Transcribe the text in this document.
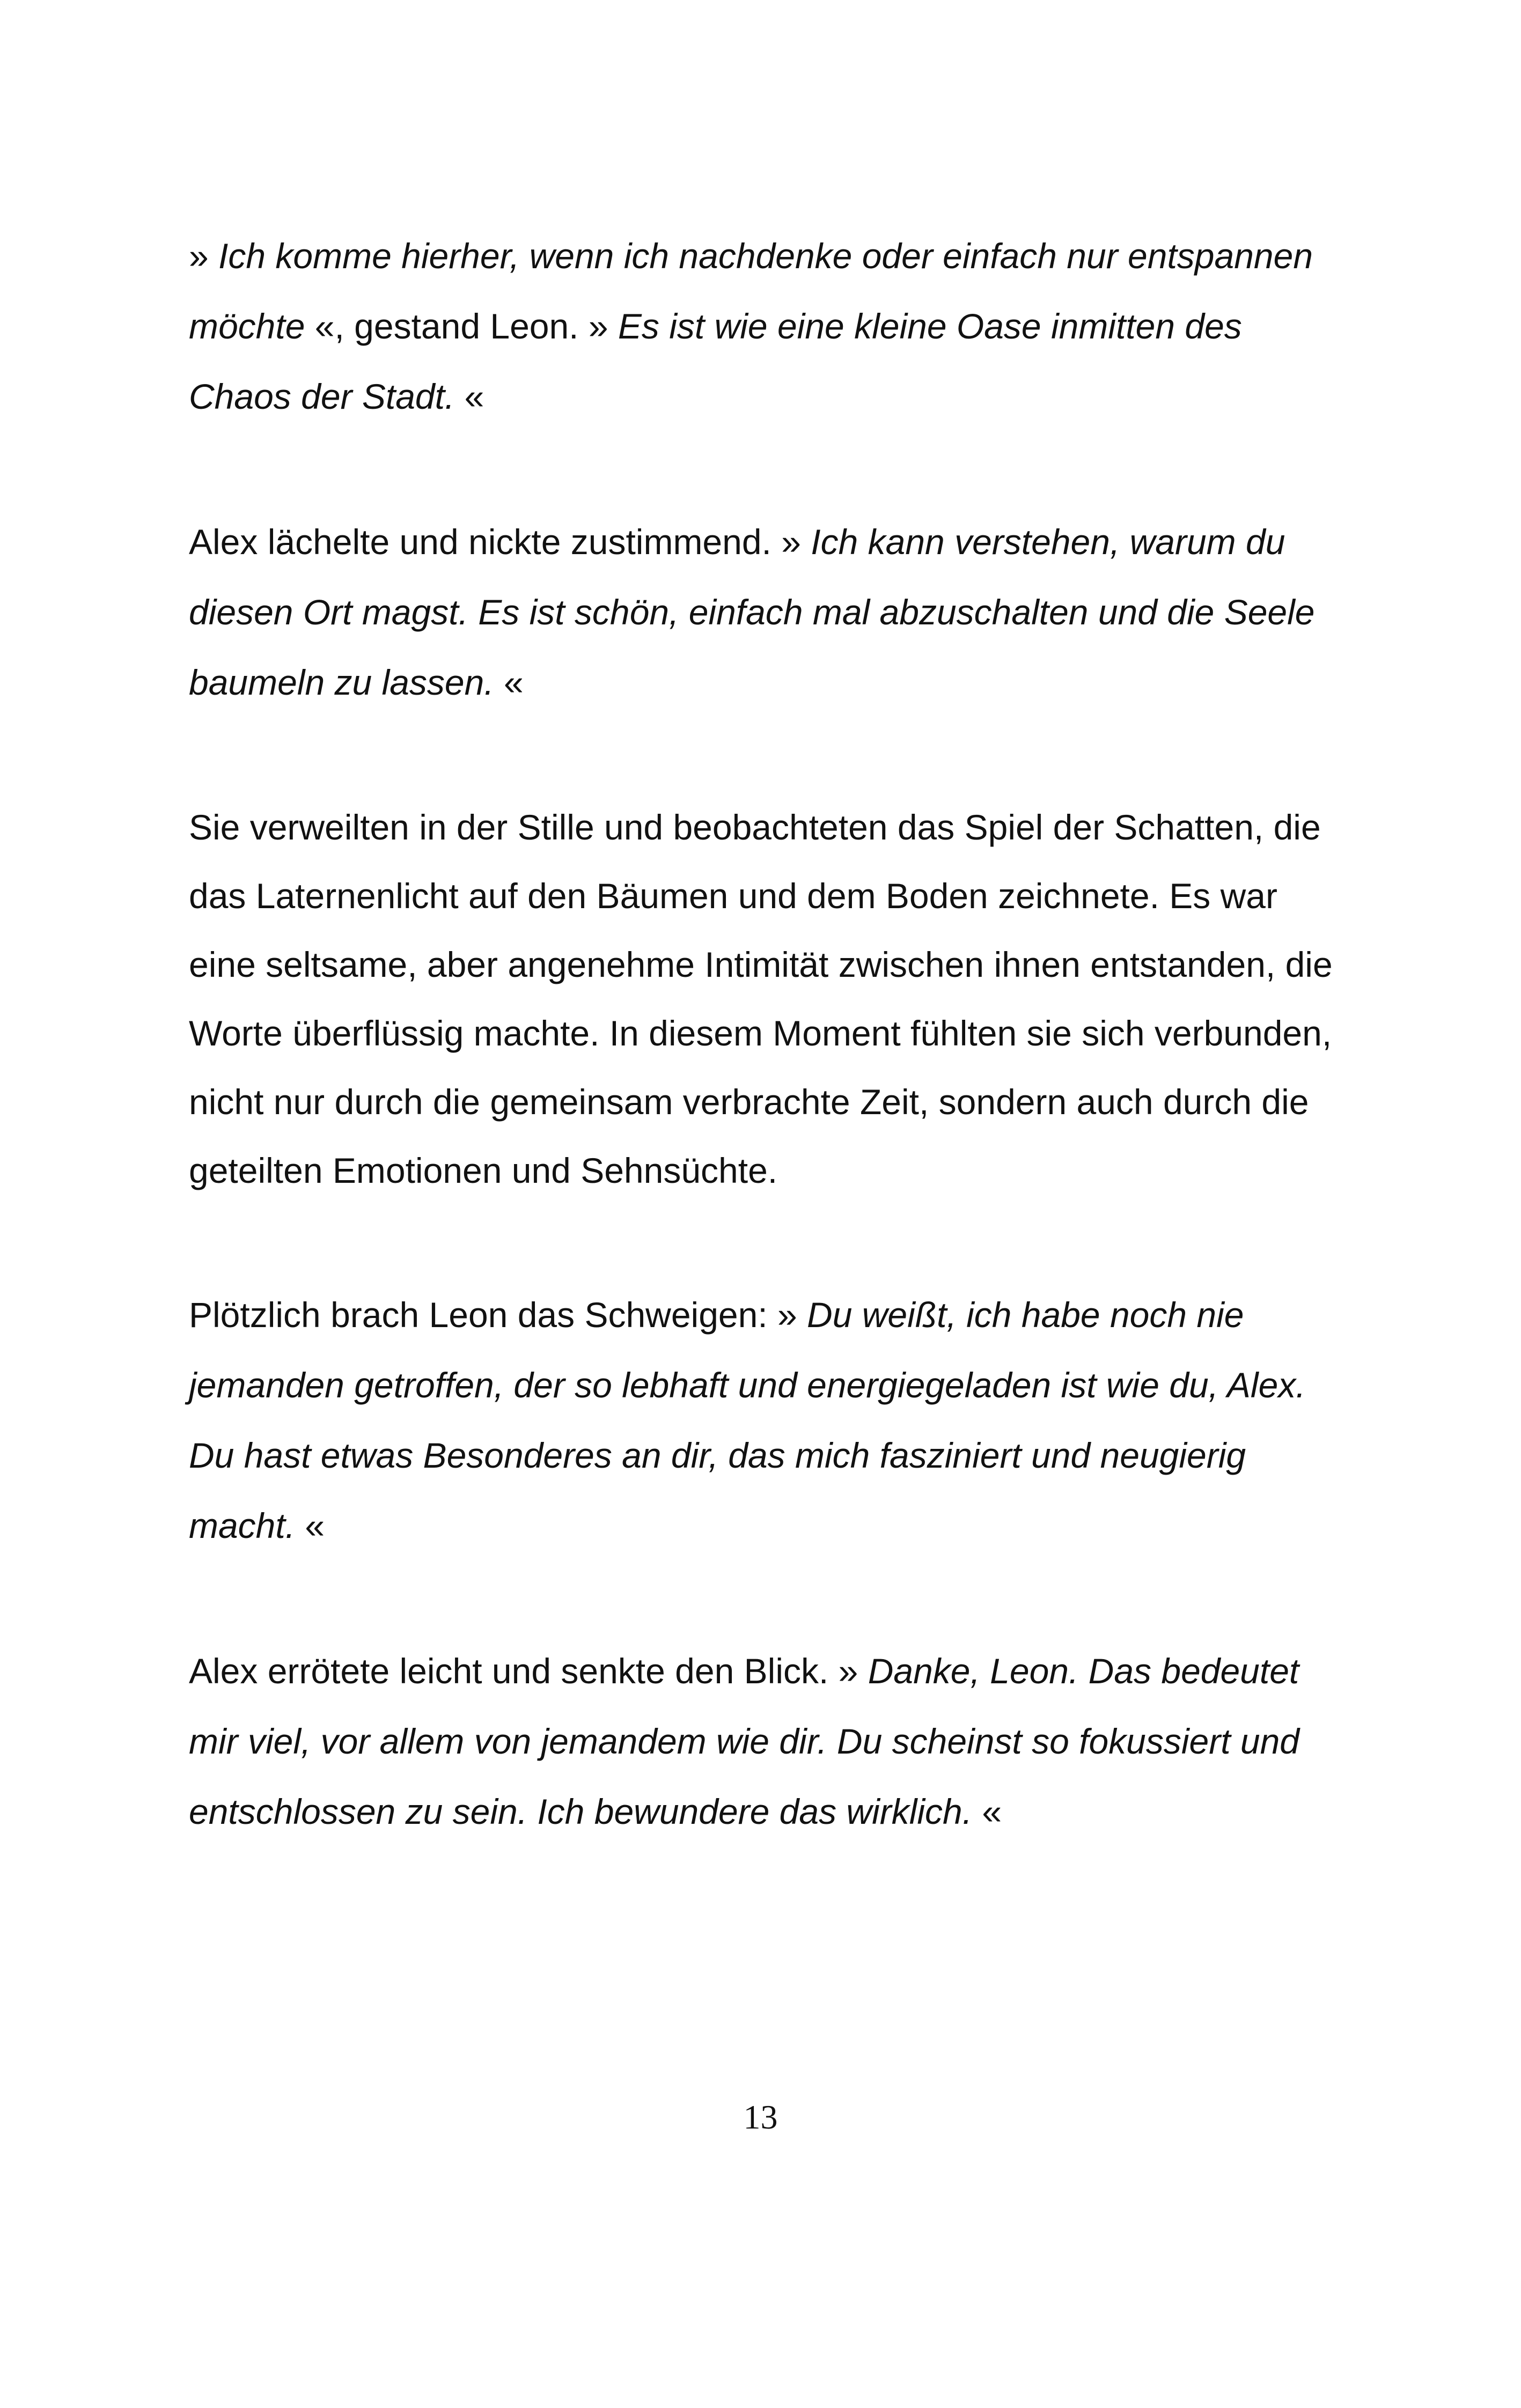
» Ich komme hierher, wenn ich nachdenke oder einfach nur entspannen möchte «, gestand Leon. » Es ist wie eine kleine Oase inmitten des Chaos der Stadt. «

Alex lächelte und nickte zustimmend. » Ich kann verstehen, warum du diesen Ort magst. Es ist schön, einfach mal abzuschalten und die Seele baumeln zu lassen. «

Sie verweilten in der Stille und beobachteten das Spiel der Schatten, die das Laternenlicht auf den Bäumen und dem Boden zeichnete. Es war eine seltsame, aber angenehme Intimität zwischen ihnen entstanden, die Worte überflüssig machte. In diesem Moment fühlten sie sich verbunden, nicht nur durch die gemeinsam verbrachte Zeit, sondern auch durch die geteilten Emotionen und Sehnsüchte.

Plötzlich brach Leon das Schweigen: » Du weißt, ich habe noch nie jemanden getroffen, der so lebhaft und energiegeladen ist wie du, Alex. Du hast etwas Besonderes an dir, das mich fasziniert und neugierig macht. «

Alex errötete leicht und senkte den Blick. » Danke, Leon. Das bedeutet mir viel, vor allem von jemandem wie dir. Du scheinst so fokussiert und entschlossen zu sein. Ich bewundere das wirklich. «

13
